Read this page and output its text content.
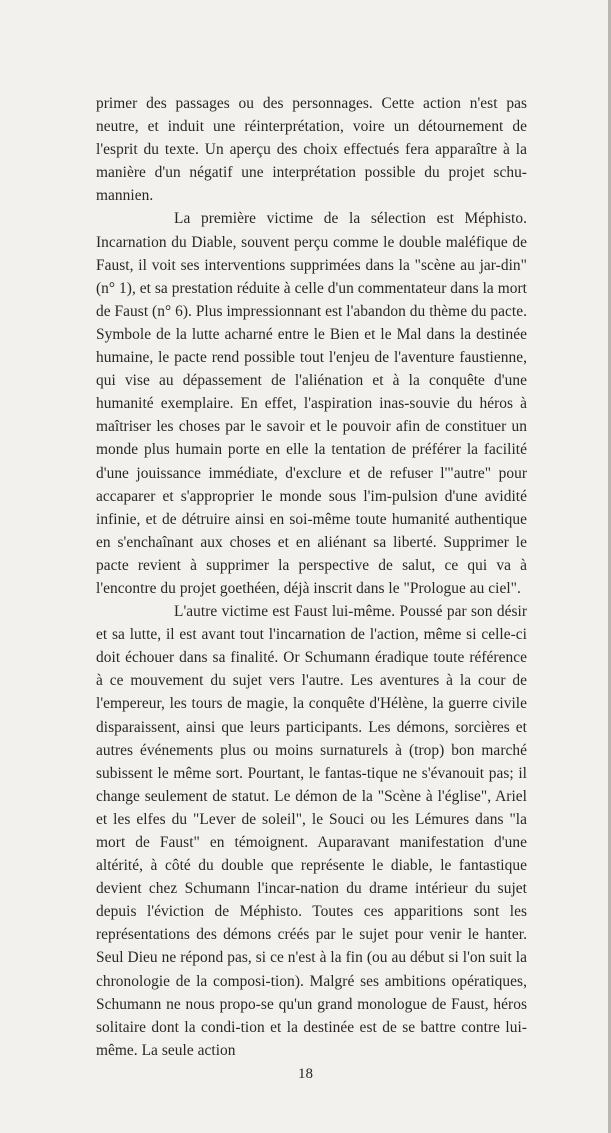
primer des passages ou des personnages. Cette action n'est pas neutre, et induit une réinterprétation, voire un détournement de l'esprit du texte. Un aperçu des choix effectués fera apparaître à la manière d'un négatif une interprétation possible du projet schu-mannien.

La première victime de la sélection est Méphisto. Incarnation du Diable, souvent perçu comme le double maléfique de Faust, il voit ses interventions supprimées dans la "scène au jar-din" (n° 1), et sa prestation réduite à celle d'un commentateur dans la mort de Faust (n° 6). Plus impressionnant est l'abandon du thème du pacte. Symbole de la lutte acharné entre le Bien et le Mal dans la destinée humaine, le pacte rend possible tout l'enjeu de l'aventure faustienne, qui vise au dépassement de l'aliénation et à la conquête d'une humanité exemplaire. En effet, l'aspiration inas-souvie du héros à maîtriser les choses par le savoir et le pouvoir afin de constituer un monde plus humain porte en elle la tentation de préférer la facilité d'une jouissance immédiate, d'exclure et de refuser l'"autre" pour accaparer et s'approprier le monde sous l'im-pulsion d'une avidité infinie, et de détruire ainsi en soi-même toute humanité authentique en s'enchaînant aux choses et en aliénant sa liberté. Supprimer le pacte revient à supprimer la perspective de salut, ce qui va à l'encontre du projet goethéen, déjà inscrit dans le "Prologue au ciel".

L'autre victime est Faust lui-même. Poussé par son désir et sa lutte, il est avant tout l'incarnation de l'action, même si celle-ci doit échouer dans sa finalité. Or Schumann éradique toute référence à ce mouvement du sujet vers l'autre. Les aventures à la cour de l'empereur, les tours de magie, la conquête d'Hélène, la guerre civile disparaissent, ainsi que leurs participants. Les démons, sorcières et autres événements plus ou moins surnaturels à (trop) bon marché subissent le même sort. Pourtant, le fantas-tique ne s'évanouit pas; il change seulement de statut. Le démon de la "Scène à l'église", Ariel et les elfes du "Lever de soleil", le Souci ou les Lémures dans "la mort de Faust" en témoignent. Auparavant manifestation d'une altérité, à côté du double que représente le diable, le fantastique devient chez Schumann l'incar-nation du drame intérieur du sujet depuis l'éviction de Méphisto. Toutes ces apparitions sont les représentations des démons créés par le sujet pour venir le hanter. Seul Dieu ne répond pas, si ce n'est à la fin (ou au début si l'on suit la chronologie de la composi-tion). Malgré ses ambitions opératiques, Schumann ne nous propo-se qu'un grand monologue de Faust, héros solitaire dont la condi-tion et la destinée est de se battre contre lui-même. La seule action

18
